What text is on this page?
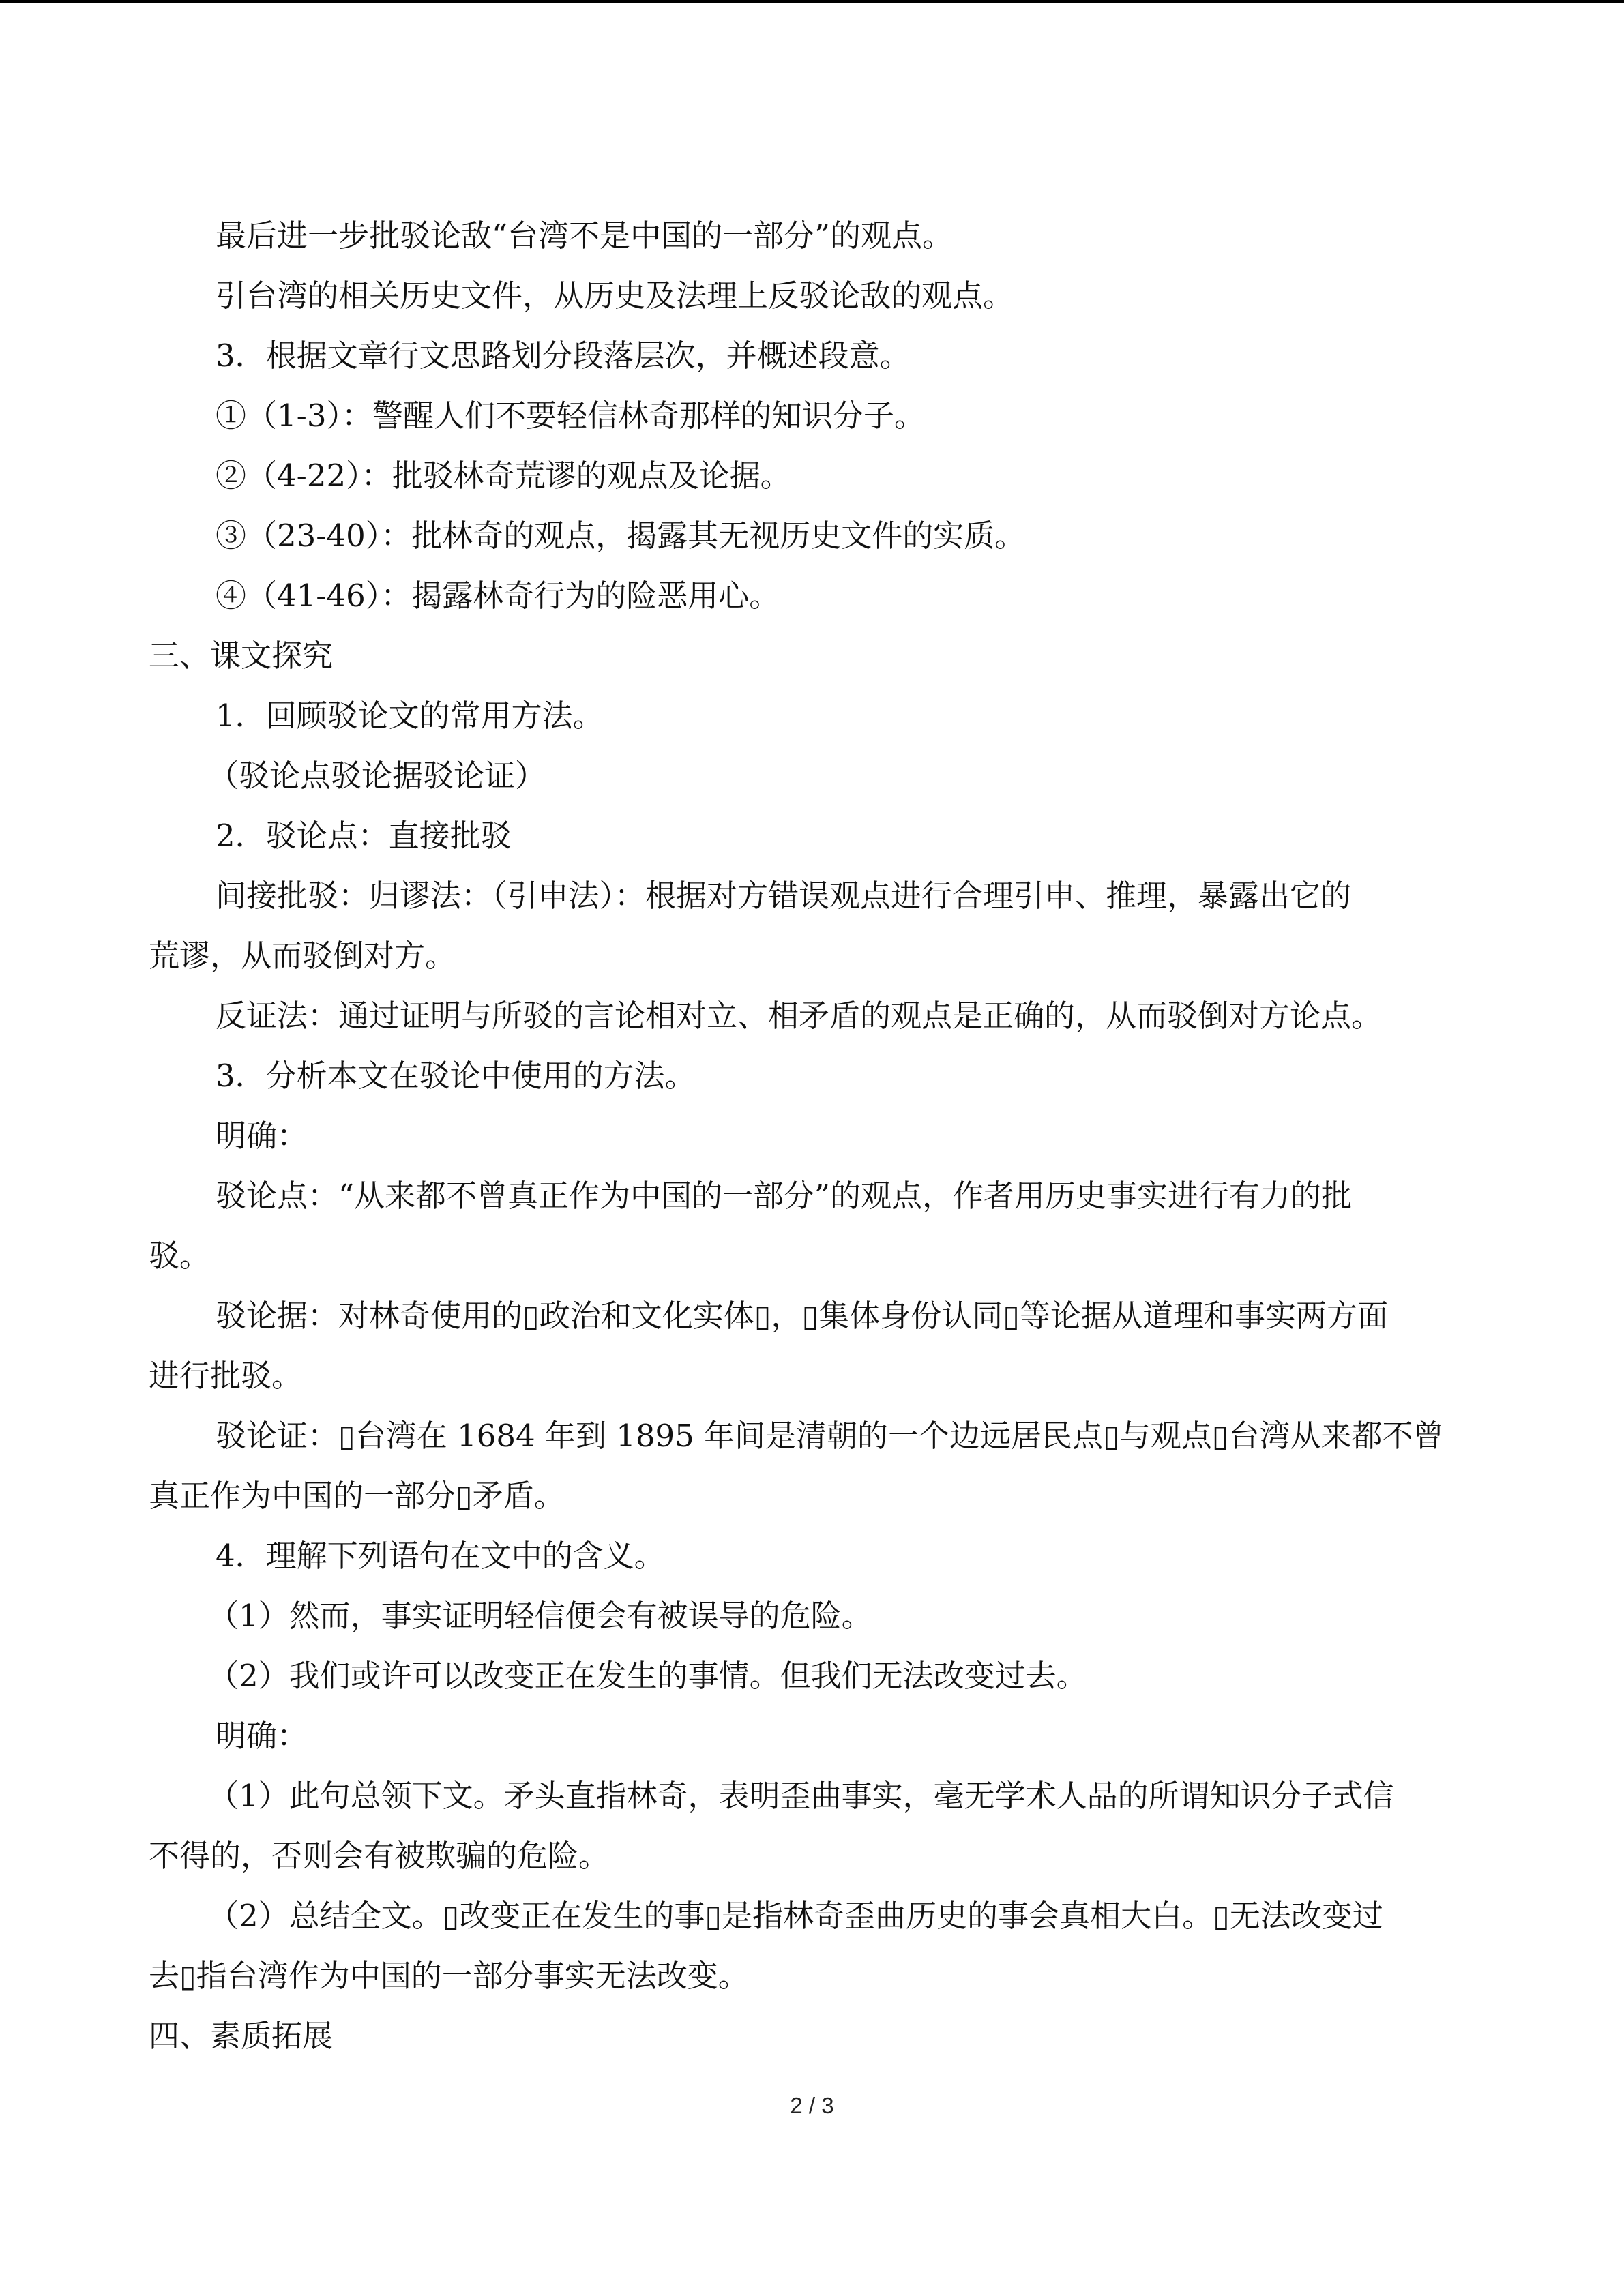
最后进一步批驳论敌“台湾不是中国的一部分”的观点。
引台湾的相关历史文件，从历史及法理上反驳论敌的观点。
3．根据文章行文思路划分段落层次，并概述段意。
①（1-3）：警醒人们不要轻信林奇那样的知识分子。
②（4-22）：批驳林奇荒谬的观点及论据。
③（23-40）：批林奇的观点，揭露其无视历史文件的实质。
④（41-46）：揭露林奇行为的险恶用心。
三、课文探究
1．回顾驳论文的常用方法。
（驳论点驳论据驳论证）
2．驳论点：直接批驳
间接批驳：归谬法：（引申法）：根据对方错误观点进行合理引申、推理，暴露出它的
荒谬，从而驳倒对方。
反证法：通过证明与所驳的言论相对立、相矛盾的观点是正确的，从而驳倒对方论点。
3．分析本文在驳论中使用的方法。
明确：
驳论点：“从来都不曾真正作为中国的一部分”的观点，作者用历史事实进行有力的批
驳。
驳论据：对林奇使用的▯政治和文化实体▯，▯集体身份认同▯等论据从道理和事实两方面
进行批驳。
驳论证：▯台湾在 1684 年到 1895 年间是清朝的一个边远居民点▯与观点▯台湾从来都不曾
真正作为中国的一部分▯矛盾。
4．理解下列语句在文中的含义。
（1）然而，事实证明轻信便会有被误导的危险。
（2）我们或许可以改变正在发生的事情。但我们无法改变过去。
明确：
（1）此句总领下文。矛头直指林奇，表明歪曲事实，毫无学术人品的所谓知识分子式信
不得的，否则会有被欺骗的危险。
（2）总结全文。▯改变正在发生的事▯是指林奇歪曲历史的事会真相大白。▯无法改变过
去▯指台湾作为中国的一部分事实无法改变。
四、素质拓展
2 / 3
